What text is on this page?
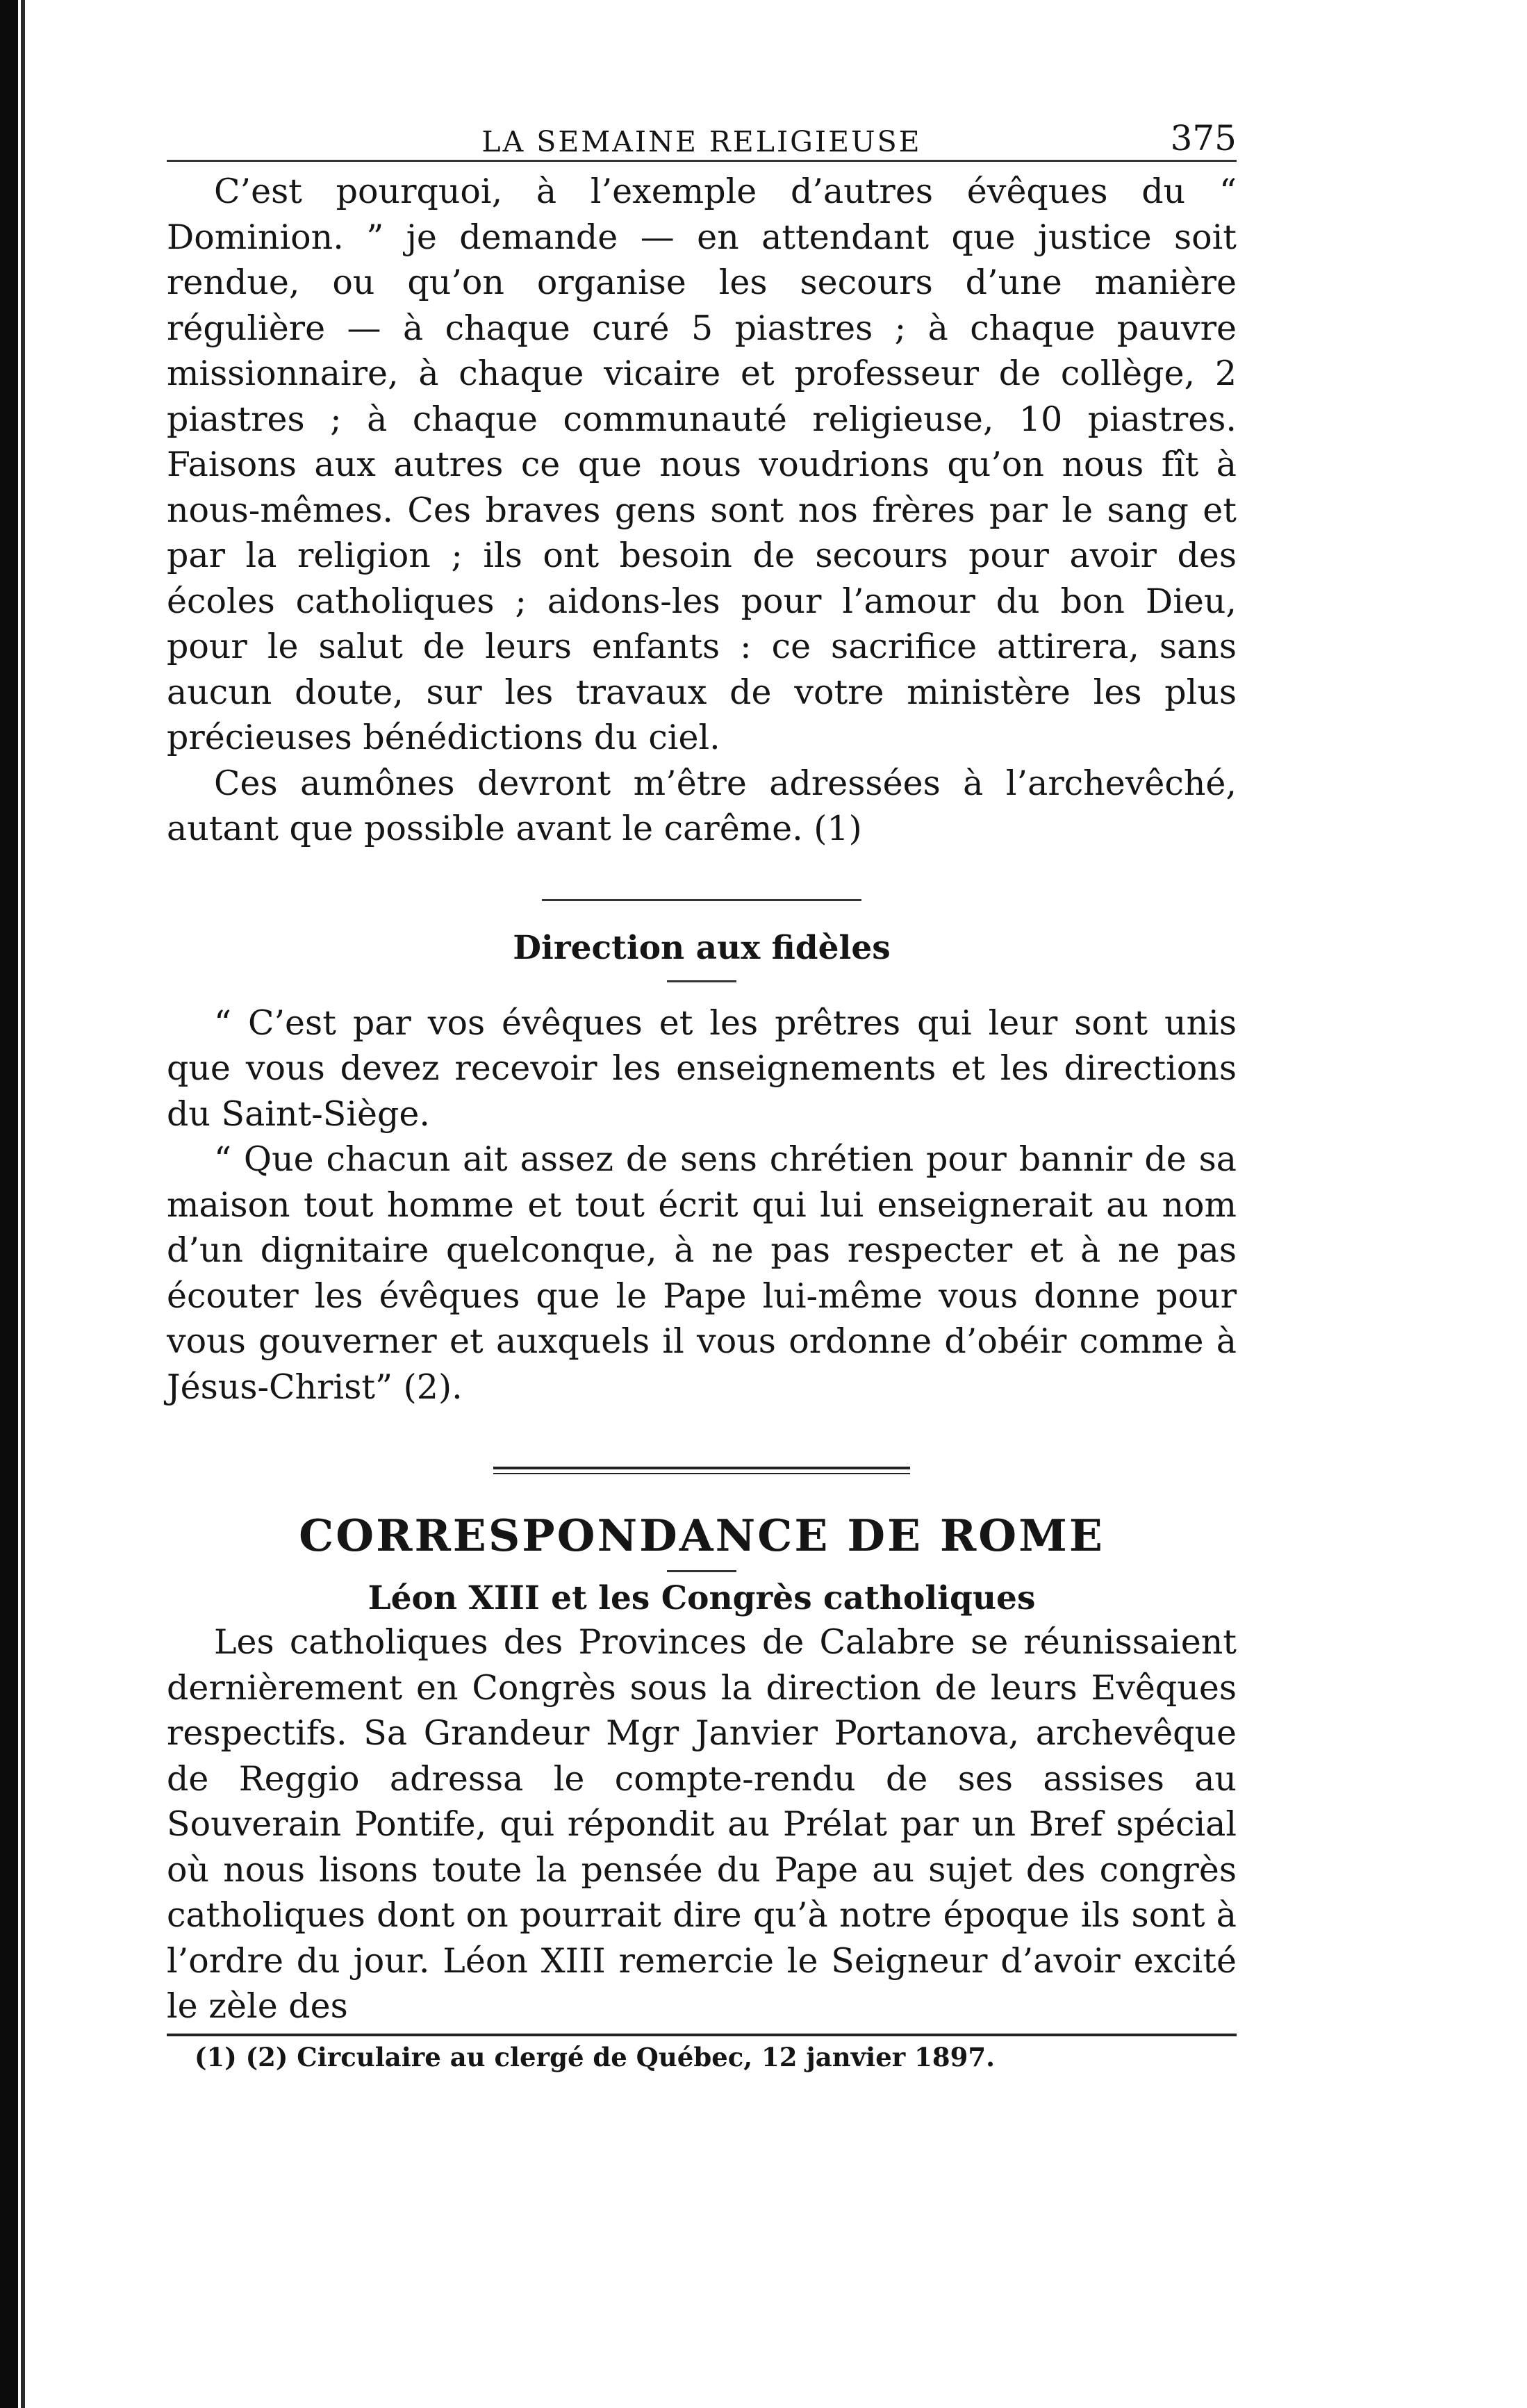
LA SEMAINE RELIGIEUSE	375

C’est pourquoi, à l’exemple d’autres évêques du “ Dominion. ” je demande — en attendant que justice soit rendue, ou qu’on organise les secours d’une manière régulière — à chaque curé 5 piastres ; à chaque pauvre missionnaire, à chaque vicaire et professeur de collège, 2 piastres ; à chaque communauté religieuse, 10 piastres. Faisons aux autres ce que nous voudrions qu’on nous fît à nous-mêmes. Ces braves gens sont nos frères par le sang et par la religion ; ils ont besoin de secours pour avoir des écoles catholiques ; aidons-les pour l’amour du bon Dieu, pour le salut de leurs enfants : ce sacrifice attirera, sans aucun doute, sur les travaux de votre ministère les plus précieuses bénédictions du ciel.

Ces aumônes devront m’être adressées à l’archevêché, autant que possible avant le carême. (1)

Direction aux fidèles

“ C’est par vos évêques et les prêtres qui leur sont unis que vous devez recevoir les enseignements et les directions du Saint-Siège.

“ Que chacun ait assez de sens chrétien pour bannir de sa maison tout homme et tout écrit qui lui enseignerait au nom d’un dignitaire quelconque, à ne pas respecter et à ne pas écouter les évêques que le Pape lui-même vous donne pour vous gouverner et auxquels il vous ordonne d’obéir comme à Jésus-Christ” (2).

CORRESPONDANCE DE ROME
Léon XIII et les Congrès catholiques

Les catholiques des Provinces de Calabre se réunissaient dernièrement en Congrès sous la direction de leurs Evêques respectifs. Sa Grandeur Mgr Janvier Portanova, archevêque de Reggio adressa le compte-rendu de ses assises au Souverain Pontife, qui répondit au Prélat par un Bref spécial où nous lisons toute la pensée du Pape au sujet des congrès catholiques dont on pourrait dire qu’à notre époque ils sont à l’ordre du jour. Léon XIII remercie le Seigneur d’avoir excité le zèle des

(1) (2) Circulaire au clergé de Québec, 12 janvier 1897.
